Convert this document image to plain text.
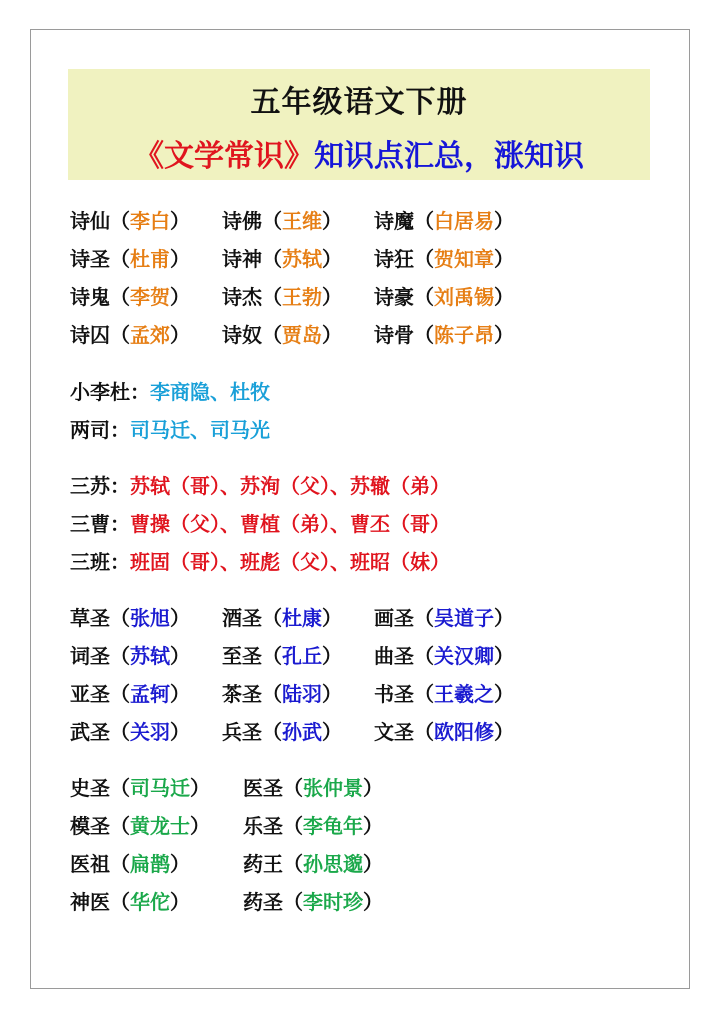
五年级语文下册
《文学常识》知识点汇总，涨知识
诗仙（李白） 诗佛（王维） 诗魔（白居易）
诗圣（杜甫） 诗神（苏轼） 诗狂（贺知章）
诗鬼（李贺） 诗杰（王勃） 诗豪（刘禹锡）
诗囚（孟郊） 诗奴（贾岛） 诗骨（陈子昂）
小李杜：李商隐、杜牧
两司：司马迁、司马光
三苏：苏轼（哥）、苏洵（父）、苏辙（弟）
三曹：曹操（父）、曹植（弟）、曹丕（哥）
三班：班固（哥）、班彪（父）、班昭（妹）
草圣（张旭） 酒圣（杜康） 画圣（吴道子）
词圣（苏轼） 至圣（孔丘） 曲圣（关汉卿）
亚圣（孟轲） 茶圣（陆羽） 书圣（王羲之）
武圣（关羽） 兵圣（孙武） 文圣（欧阳修）
史圣（司马迁） 医圣（张仲景）
模圣（黄龙士） 乐圣（李龟年）
医祖（扁鹊）	药王（孙思邈）
神医（华佗）	药圣（李时珍）
